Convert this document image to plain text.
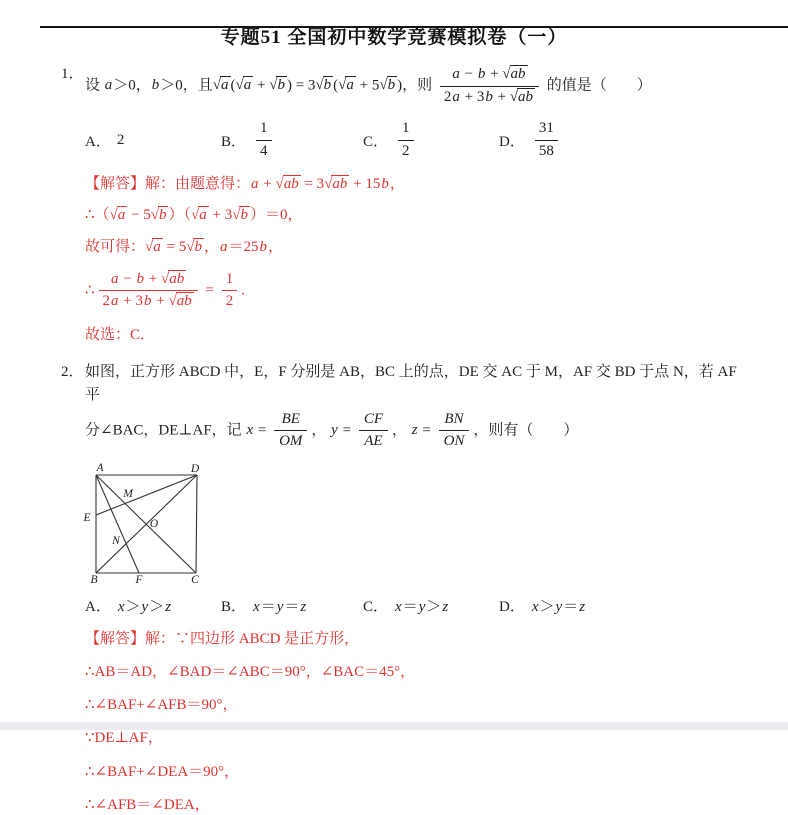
专题51 全国初中数学竞赛模拟卷（一）
1．
设 a＞0，b＞0，且√a (√a + √b ) = 3√b (√a + 5√b )，则 $\frac{a - b + √ab}{2a + 3b + √ab}$ 的值是（　　）
A． 2	B． $\frac{1}{4}$	C． $\frac{1}{2}$	D． $\frac{31}{58}$
【解答】解：由题意得：a + √ab = 3√ab + 15b，
∴（√a − 5√b ）（√a + 3√b ）＝0，
故可得：√a = 5√b ，a＝25b，
∴ $\frac{a - b + √ab}{2a + 3b + √ab} = \frac{1}{2}$ .
故选：C．
2． 如图，正方形 ABCD 中，E，F 分别是 AB，BC 上的点，DE 交 AC 于 M，AF 交 BD 于点 N，若 AF 平
分∠BAC，DE⊥AF，记 $x = \frac{BE}{OM}$ ， $y = \frac{CF}{AE}$ ， $z = \frac{BN}{ON}$ ，则有（　　）
A	D
B	C
E
F
M
N
O
A． x＞y＞z	B． x＝y＝z	C． x＝y＞z	D． x＞y＝z
【解答】解：∵四边形 ABCD 是正方形，
∴AB＝AD，∠BAD＝∠ABC＝90°，∠BAC＝45°，
∴∠BAF+∠AFB＝90°，
∵DE⊥AF，
∴∠BAF+∠DEA＝90°，
∴∠AFB＝∠DEA，
